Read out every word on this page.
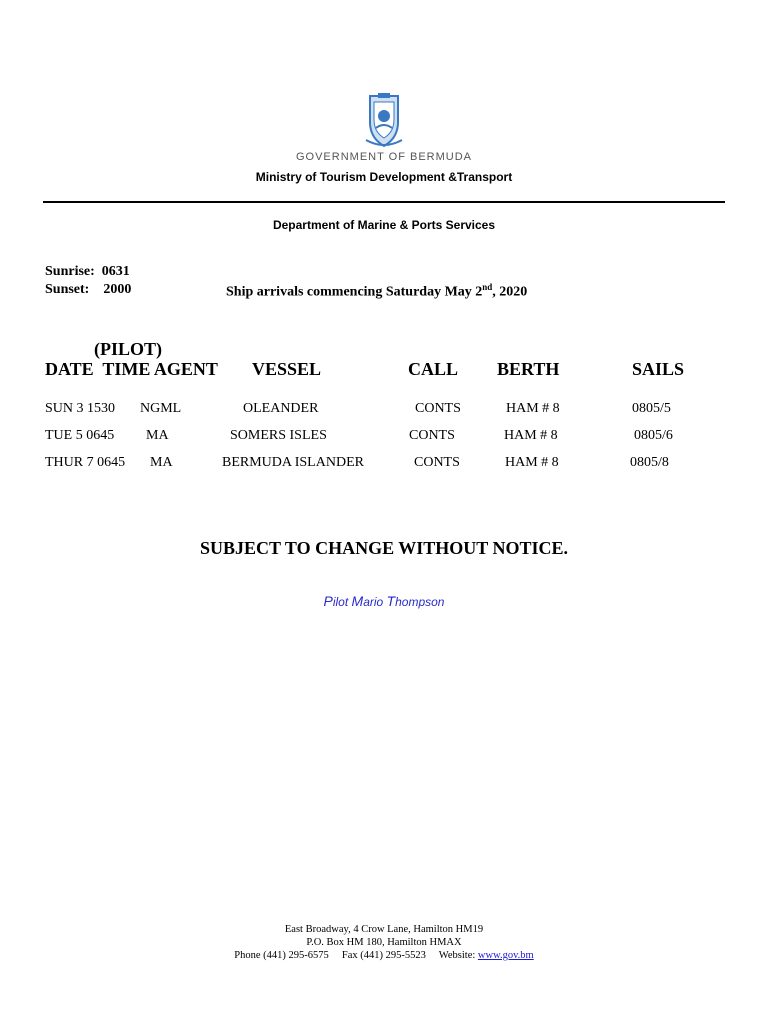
GOVERNMENT OF BERMUDA
Ministry of Tourism Development &Transport
Department of Marine & Ports Services
Sunrise: 0631
Sunset: 2000	Ship arrivals commencing Saturday May 2nd, 2020
(PILOT)
DATE  TIME AGENT VESSEL	CALL BERTH	SAILS
SUN 3 1530 NGML	OLEANDER	CONTS	HAM # 8	0805/5
TUE 5 0645 MA	SOMERS ISLES	CONTS	HAM # 8	0805/6
THUR 7 0645 MA	BERMUDA ISLANDER	CONTS	HAM # 8	0805/8
SUBJECT TO CHANGE WITHOUT NOTICE.
Pilot Mario Thompson
East Broadway, 4 Crow Lane, Hamilton HM19
P.O. Box HM 180, Hamilton HMAX
Phone (441) 295-6575     Fax (441) 295-5523     Website: www.gov.bm
